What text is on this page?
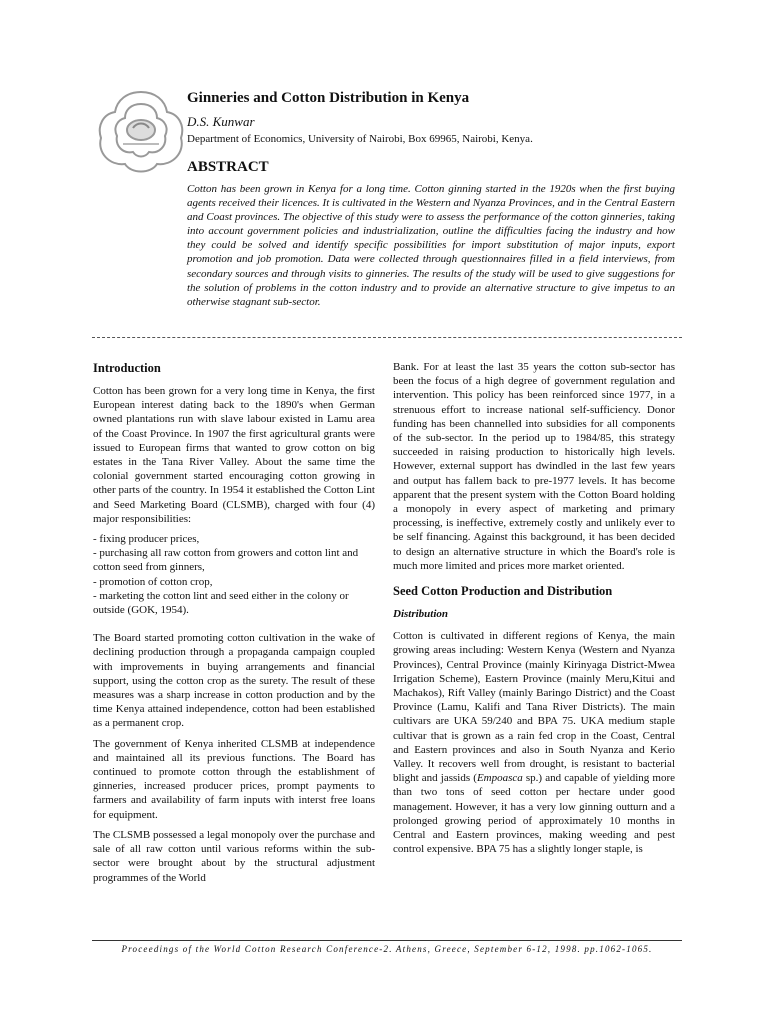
Ginneries and Cotton Distribution in Kenya

D.S. Kunwar

Department of Economics, University of Nairobi, Box 69965, Nairobi, Kenya.

ABSTRACT

Cotton has been grown in Kenya for a long time. Cotton ginning started in the 1920s when the first buying agents received their licences. It is cultivated in the Western and Nyanza Provinces, and in the Central Eastern and Coast provinces. The objective of this study were to assess the performance of the cotton ginneries, taking into account government policies and industrialization, outline the difficulties facing the industry and how they could be solved and identify specific possibilities for import substitution of major inputs, export promotion and job promotion. Data were collected through questionnaires filled in a field interviews, from secondary sources and through visits to ginneries. The results of the study will be used to give suggestions for the solution of problems in the cotton industry and to provide an alternative structure to give impetus to an otherwise stagnant sub-sector.

Introduction

Cotton has been grown for a very long time in Kenya, the first European interest dating back to the 1890's when German owned plantations run with slave labour existed in Lamu area of the Coast Province. In 1907 the first agricultural grants were issued to European firms that wanted to grow cotton on big estates in the Tana River Valley. About the same time the colonial government started encouraging cotton growing in other parts of the country. In 1954 it established the Cotton Lint and Seed Marketing Board (CLSMB), charged with four (4) major responsibilities:

- fixing producer prices,
- purchasing all raw cotton from growers and cotton lint and cotton seed from ginners,
- promotion of cotton crop,
- marketing the cotton lint and seed either in the colony or outside (GOK, 1954).

The Board started promoting cotton cultivation in the wake of declining production through a propaganda campaign coupled with improvements in buying arrangements and financial support, using the cotton crop as the surety. The result of these measures was a sharp increase in cotton production and by the time Kenya attained independence, cotton had been established as a permanent crop.

The government of Kenya inherited CLSMB at independence and maintained all its previous functions. The Board has continued to promote cotton through the establishment of ginneries, increased producer prices, prompt payments to farmers and availability of farm inputs with interst free loans for equipment.

The CLSMB possessed a legal monopoly over the purchase and sale of all raw cotton until various reforms within the sub-sector were brought about by the structural adjustment programmes of the World

Bank. For at least the last 35 years the cotton sub-sector has been the focus of a high degree of government regulation and intervention. This policy has been reinforced since 1977, in a strenuous effort to increase national self-sufficiency. Donor funding has been channelled into subsidies for all components of the sub-sector. In the period up to 1984/85, this strategy succeeded in raising production to historically high levels. However, external support has dwindled in the last few years and output has fallem back to pre-1977 levels. It has become apparent that the present system with the Cotton Board holding a monopoly in every aspect of marketing and primary processing, is ineffective, extremely costly and unlikely ever to be self financing. Against this background, it has been decided to design an alternative structure in which the Board's role is much more limited and prices more market oriented.

Seed Cotton Production and Distribution
Distribution

Cotton is cultivated in different regions of Kenya, the main growing areas including: Western Kenya (Western and Nyanza Provinces), Central Province (mainly Kirinyaga District-Mwea Irrigation Scheme), Eastern Province (mainly Meru,Kitui and Machakos), Rift Valley (mainly Baringo District) and the Coast Province (Lamu, Kalifi and Tana River Districts). The main cultivars are UKA 59/240 and BPA 75. UKA medium staple cultivar that is grown as a rain fed crop in the Coast, Central and Eastern provinces and also in South Nyanza and Kerio Valley. It recovers well from drought, is resistant to bacterial blight and jassids (Empoasca sp.) and capable of yielding more than two tons of seed cotton per hectare under good management. However, it has a very low ginning outturn and a prolonged growing period of approximately 10 months in Central and Eastern provinces, making weeding and pest control expensive. BPA 75 has a slightly longer staple, is

Proceedings of the World Cotton Research Conference-2. Athens, Greece, September 6-12, 1998. pp.1062-1065.
